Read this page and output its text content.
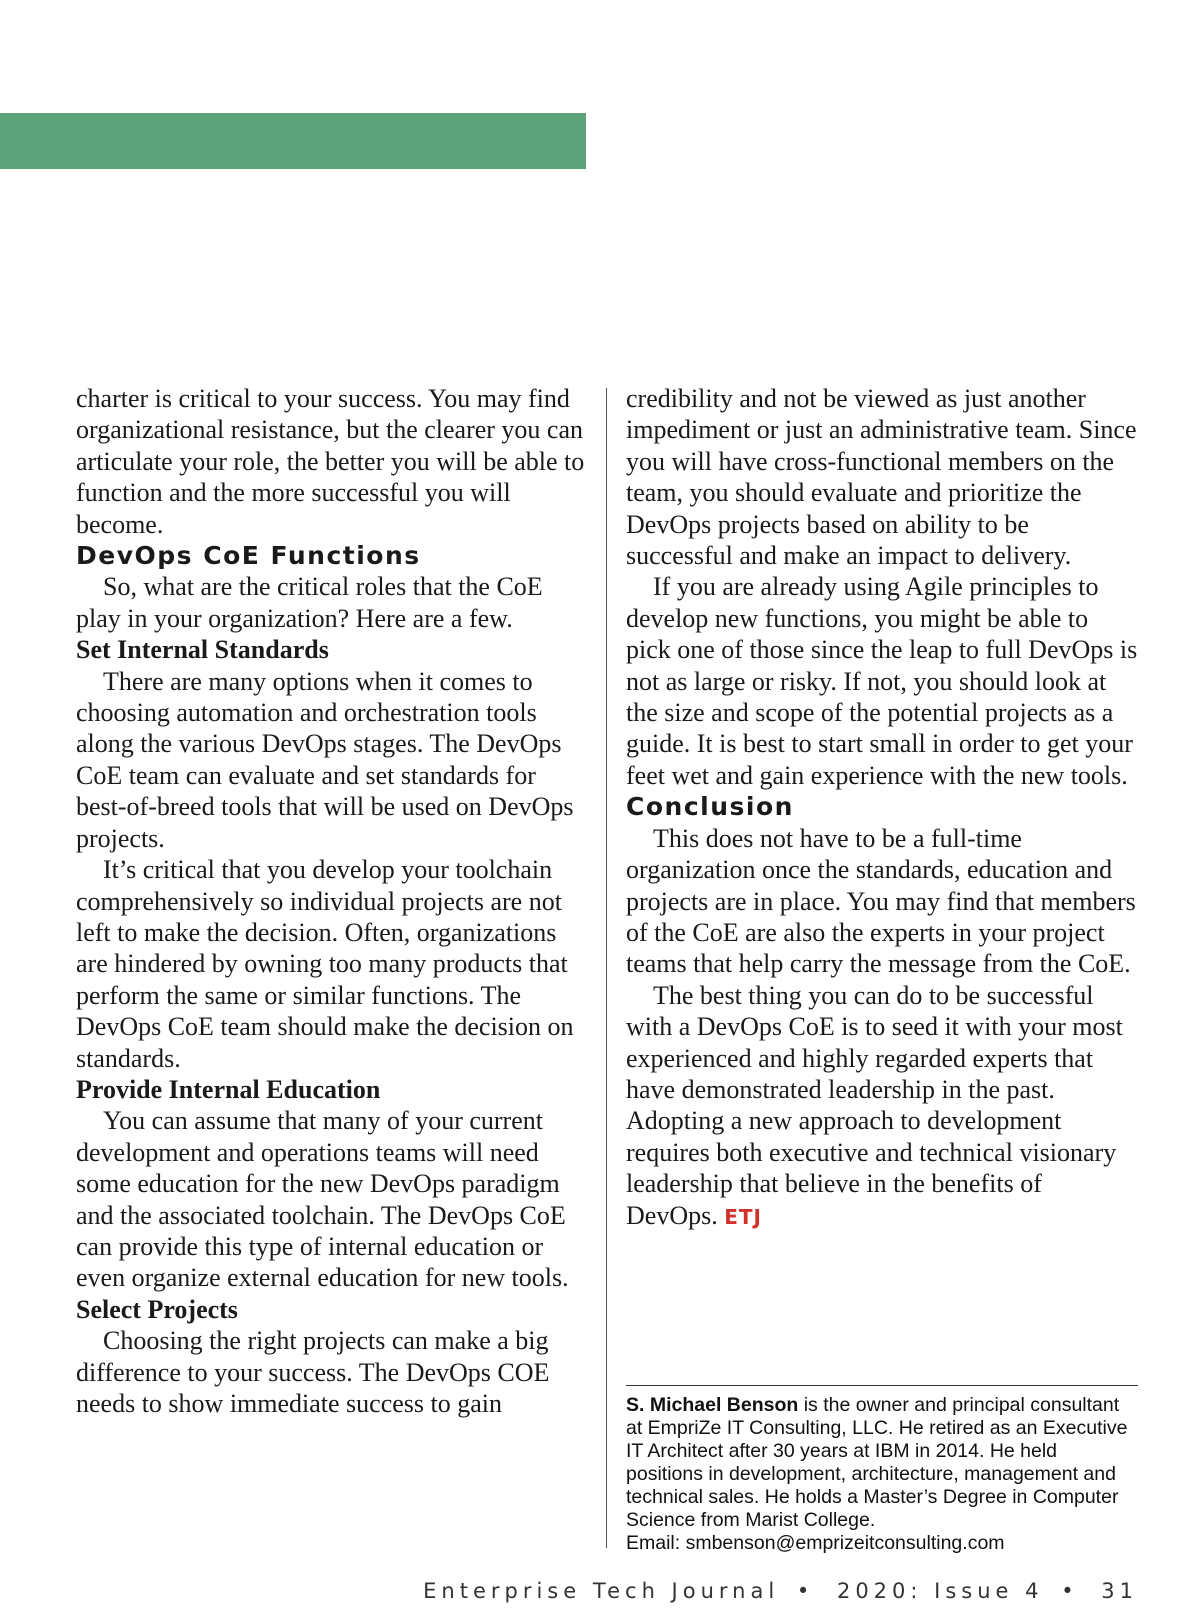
charter is critical to your success. You may find organizational resistance, but the clearer you can articulate your role, the better you will be able to function and the more successful you will become.

DevOps CoE Functions

So, what are the critical roles that the CoE play in your organization? Here are a few.

Set Internal Standards

There are many options when it comes to choosing automation and orchestration tools along the various DevOps stages. The DevOps CoE team can evaluate and set standards for best-of-breed tools that will be used on DevOps projects.

It’s critical that you develop your toolchain comprehensively so individual projects are not left to make the decision. Often, organizations are hindered by owning too many products that perform the same or similar functions. The DevOps CoE team should make the decision on standards.

Provide Internal Education

You can assume that many of your current development and operations teams will need some education for the new DevOps paradigm and the associated toolchain. The DevOps CoE can provide this type of internal education or even organize external education for new tools.

Select Projects

Choosing the right projects can make a big difference to your success. The DevOps COE needs to show immediate success to gain

credibility and not be viewed as just another impediment or just an administrative team. Since you will have cross-functional members on the team, you should evaluate and prioritize the DevOps projects based on ability to be successful and make an impact to delivery.

If you are already using Agile principles to develop new functions, you might be able to pick one of those since the leap to full DevOps is not as large or risky. If not, you should look at the size and scope of the potential projects as a guide. It is best to start small in order to get your feet wet and gain experience with the new tools.

Conclusion

This does not have to be a full-time organization once the standards, education and projects are in place. You may find that members of the CoE are also the experts in your project teams that help carry the message from the CoE.

The best thing you can do to be successful with a DevOps CoE is to seed it with your most experienced and highly regarded experts that have demonstrated leadership in the past. Adopting a new approach to development requires both executive and technical visionary leadership that believe in the benefits of DevOps. ETJ

S. Michael Benson is the owner and principal consultant at EmpriZe IT Consulting, LLC. He retired as an Executive IT Architect after 30 years at IBM in 2014. He held positions in development, architecture, management and technical sales. He holds a Master’s Degree in Computer Science from Marist College.
Email: smbenson@emprizeitconsulting.com
Enterprise Tech Journal • 2020: Issue 4 • 31
